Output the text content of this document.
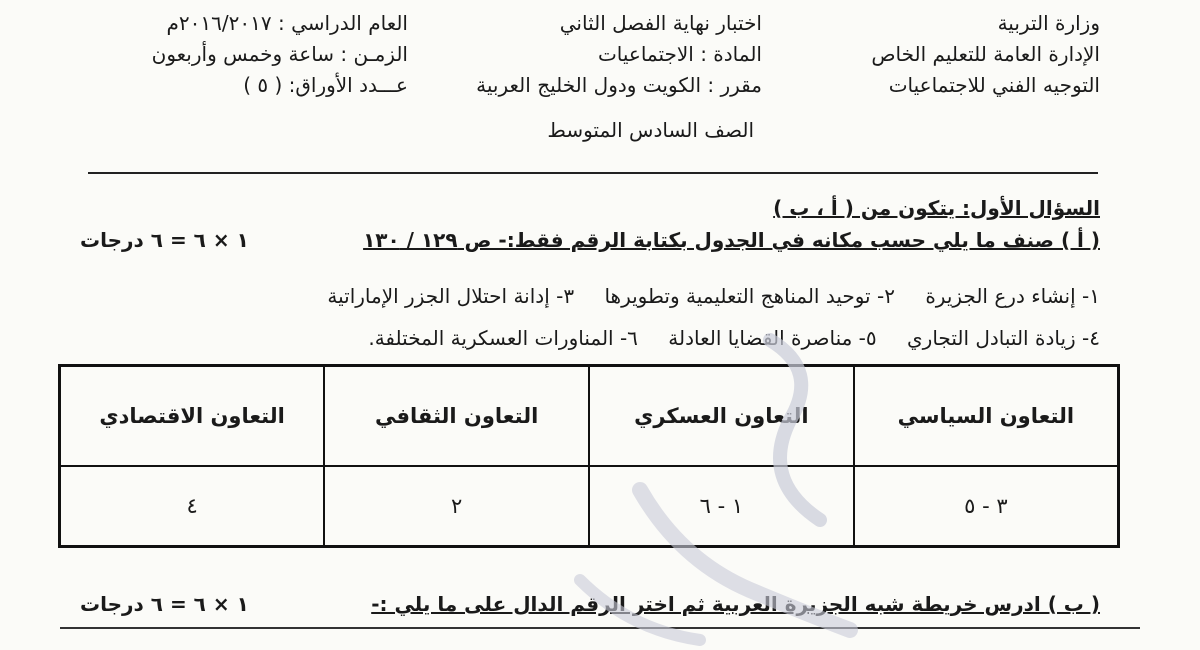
وزارة التربية
الإدارة العامة للتعليم الخاص
التوجيه الفني للاجتماعيات
اختبار نهاية الفصل الثاني
المادة : الاجتماعيات
مقرر : الكويت ودول الخليج العربية
الصف السادس المتوسط
العام الدراسي : ٢٠١٦/٢٠١٧م
الزمـن : ساعة وخمس وأربعون
عـــدد الأوراق: ( ٥ )
السؤال الأول: يتكون من ( أ ، ب )
( أ ) صنف ما يلي حسب مكانه في الجدول بكتابة الرقم فقط:- ص ١٢٩ / ١٣٠
١ × ٦ = ٦ درجات
١- إنشاء درع الجزيرة ٢- توحيد المناهج التعليمية وتطويرها ٣- إدانة احتلال الجزر الإماراتية
٤- زيادة التبادل التجاري ٥- مناصرة القضايا العادلة ٦- المناورات العسكرية المختلفة.
التعاون السياسي	التعاون العسكري	التعاون الثقافي	التعاون الاقتصادي
٣ - ٥	١ - ٦	٢	٤
( ب ) ادرس خريطة شبه الجزيرة العربية ثم اختر الرقم الدال على ما يلي :-
١ × ٦ = ٦ درجات
